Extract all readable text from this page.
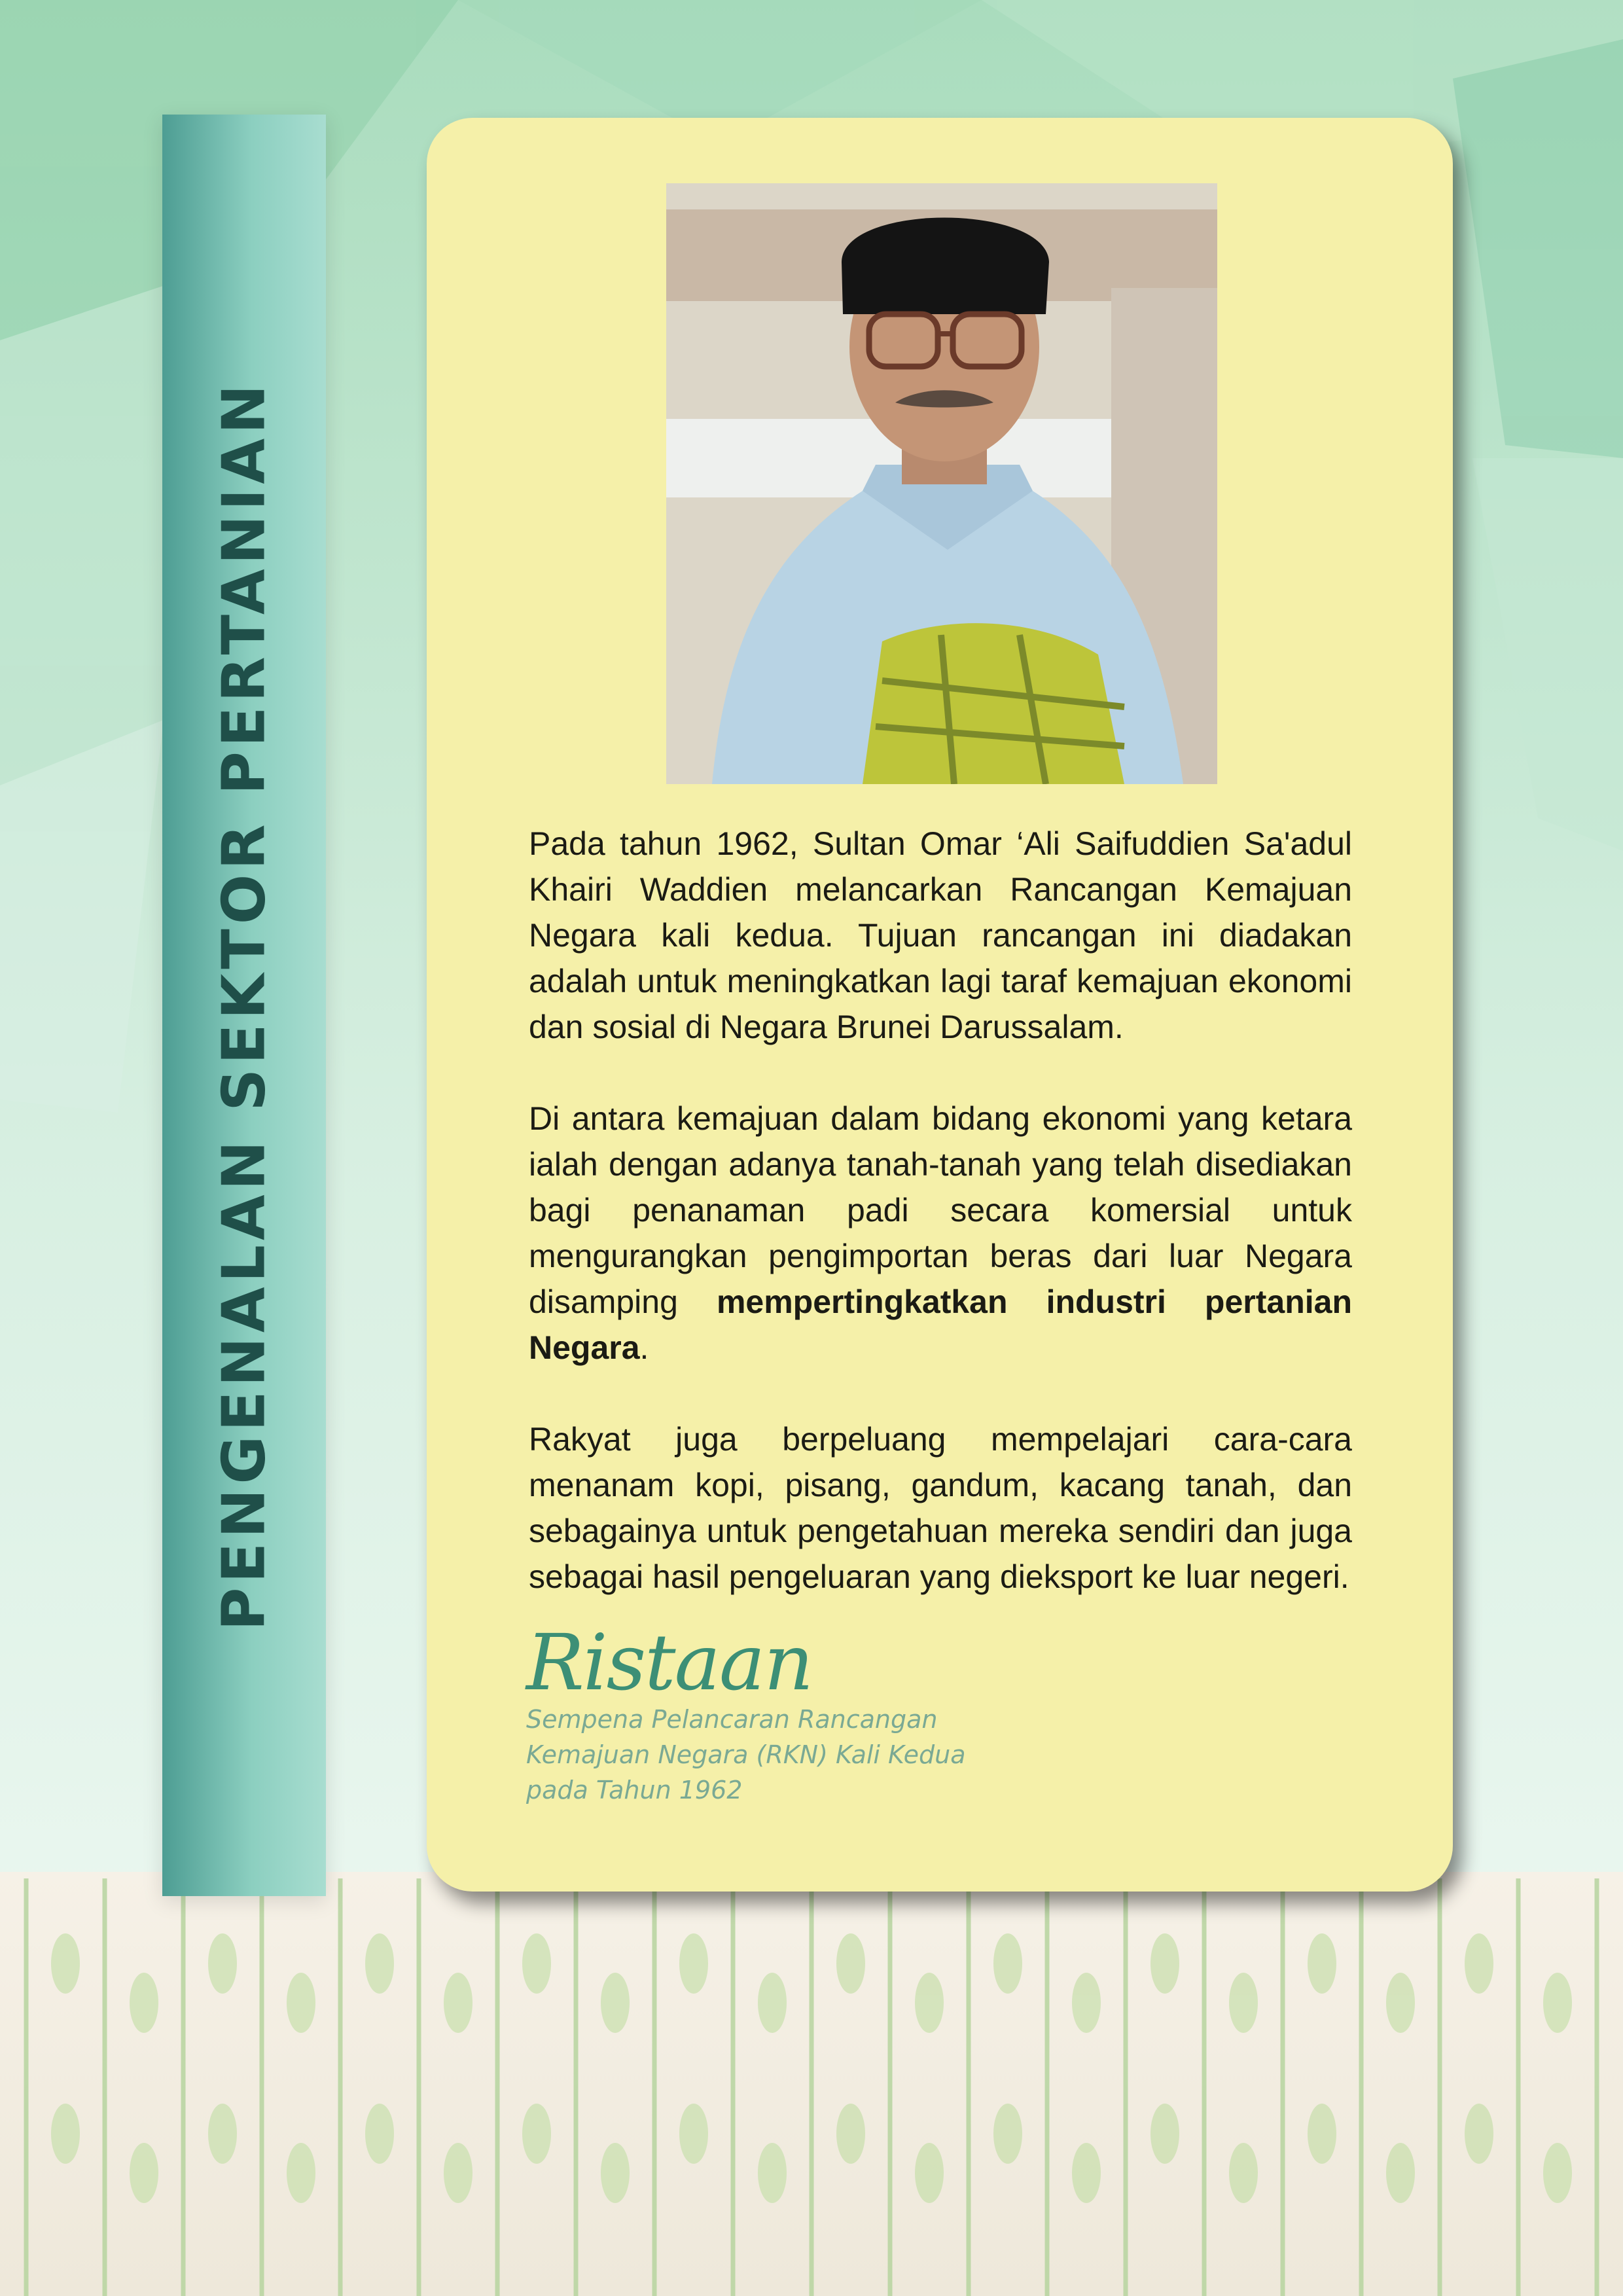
PENGENALAN SEKTOR PERTANIAN	Pada tahun 1962, Sultan Omar ‘Ali Saifuddien Sa'adul Khairi Waddien melancarkan Rancangan Kemajuan Negara kali kedua. Tujuan rancangan ini diadakan adalah untuk meningkatkan lagi taraf kemajuan ekonomi dan sosial di Negara Brunei Darussalam.

Di antara kemajuan dalam bidang ekonomi yang ketara ialah dengan adanya tanah-tanah yang telah disediakan bagi penanaman padi secara komersial untuk mengurangkan pengimportan beras dari luar Negara disamping mempertingkatkan industri pertanian Negara.

Rakyat juga berpeluang mempelajari cara-cara menanam kopi, pisang, gandum, kacang tanah, dan sebagainya untuk pengetahuan mereka sendiri dan juga sebagai hasil pengeluaran yang dieksport ke luar negeri.

Ristaan
Sempena Pelancaran Rancangan
Kemajuan Negara (RKN) Kali Kedua
pada Tahun 1962
